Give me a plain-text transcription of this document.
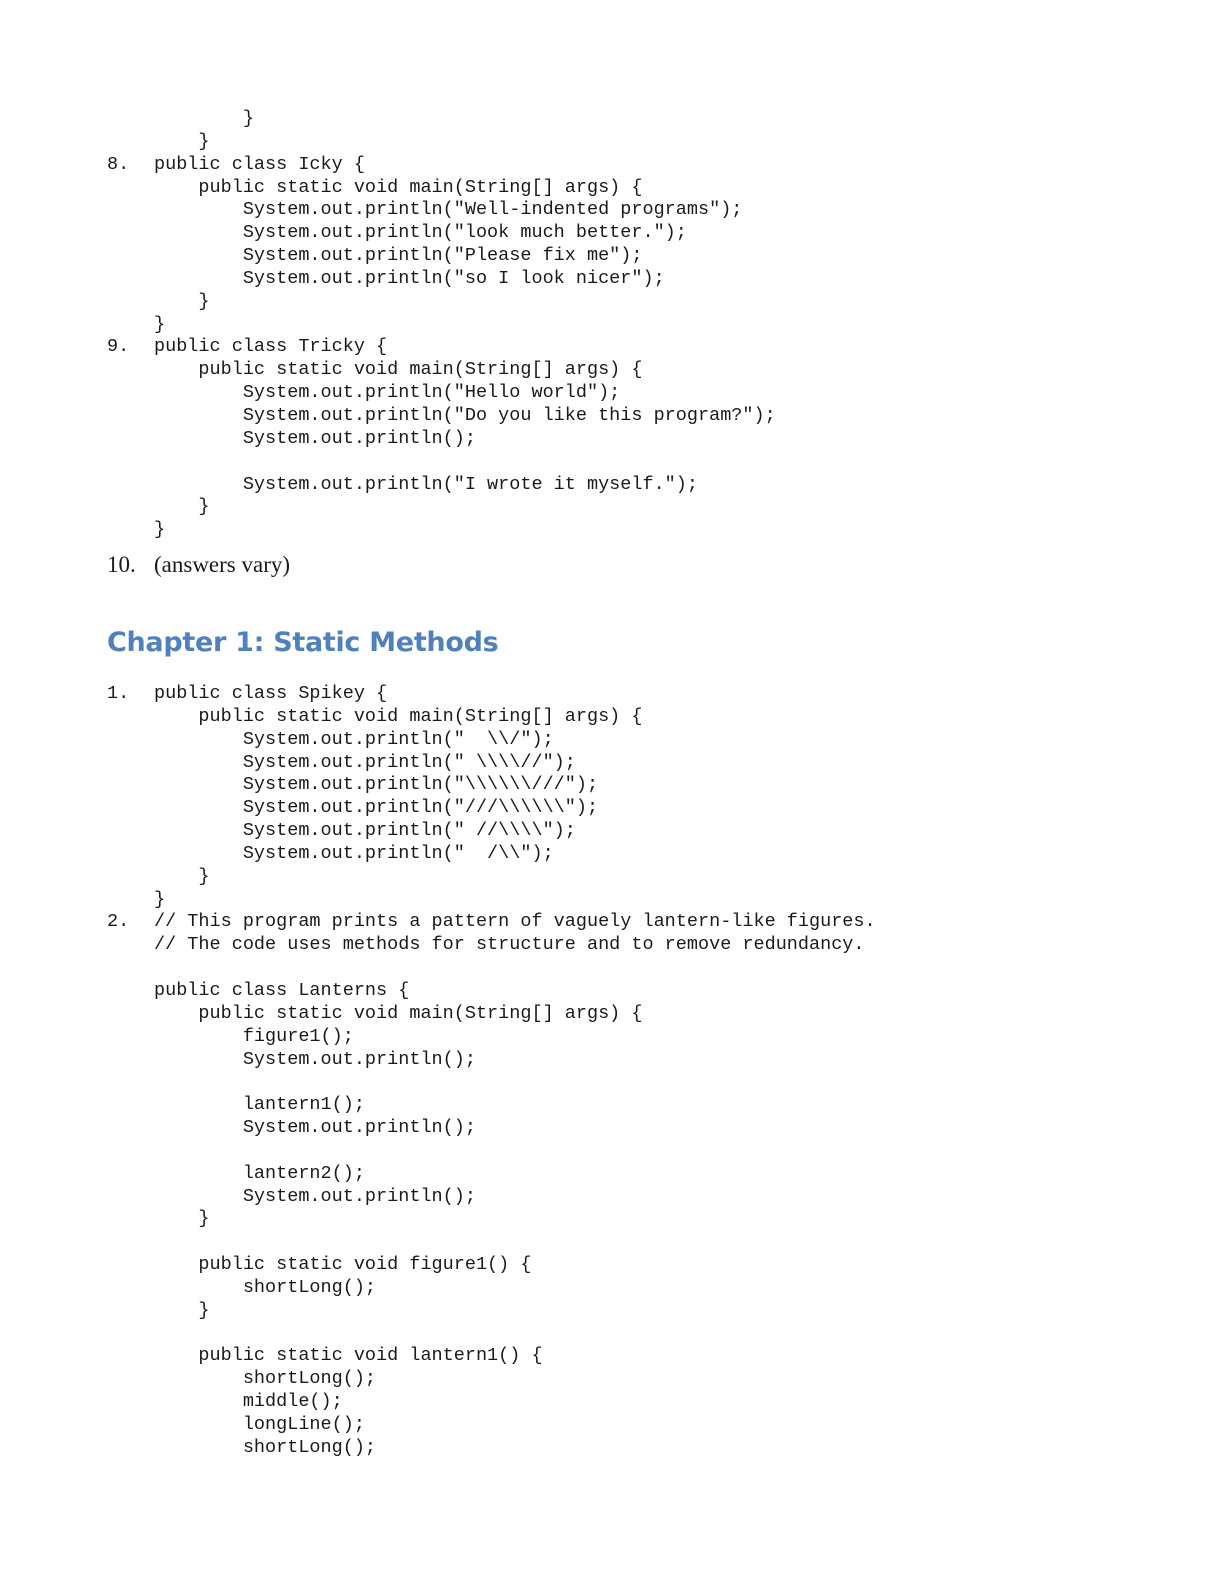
}
}
8. public class Icky {
public static void main(String[] args) {
System.out.println("Well-indented programs");
System.out.println("look much better.");
System.out.println("Please fix me");
System.out.println("so I look nicer");
}
}
9. public class Tricky {
public static void main(String[] args) {
System.out.println("Hello world");
System.out.println("Do you like this program?");
System.out.println();
System.out.println("I wrote it myself.");
}
}
10. (answers vary)
Chapter 1: Static Methods
1. public class Spikey {
public static void main(String[] args) {
System.out.println("  \\/");
System.out.println(" \\\\//");
System.out.println("\\\\\\///");
System.out.println("///\\\\\\");
System.out.println(" //\\\\");
System.out.println("  /\\");
}
}
2. // This program prints a pattern of vaguely lantern-like figures.
// The code uses methods for structure and to remove redundancy.
public class Lanterns {
public static void main(String[] args) {
figure1();
System.out.println();
lantern1();
System.out.println();
lantern2();
System.out.println();
}
public static void figure1() {
shortLong();
}
public static void lantern1() {
shortLong();
middle();
longLine();
shortLong();
